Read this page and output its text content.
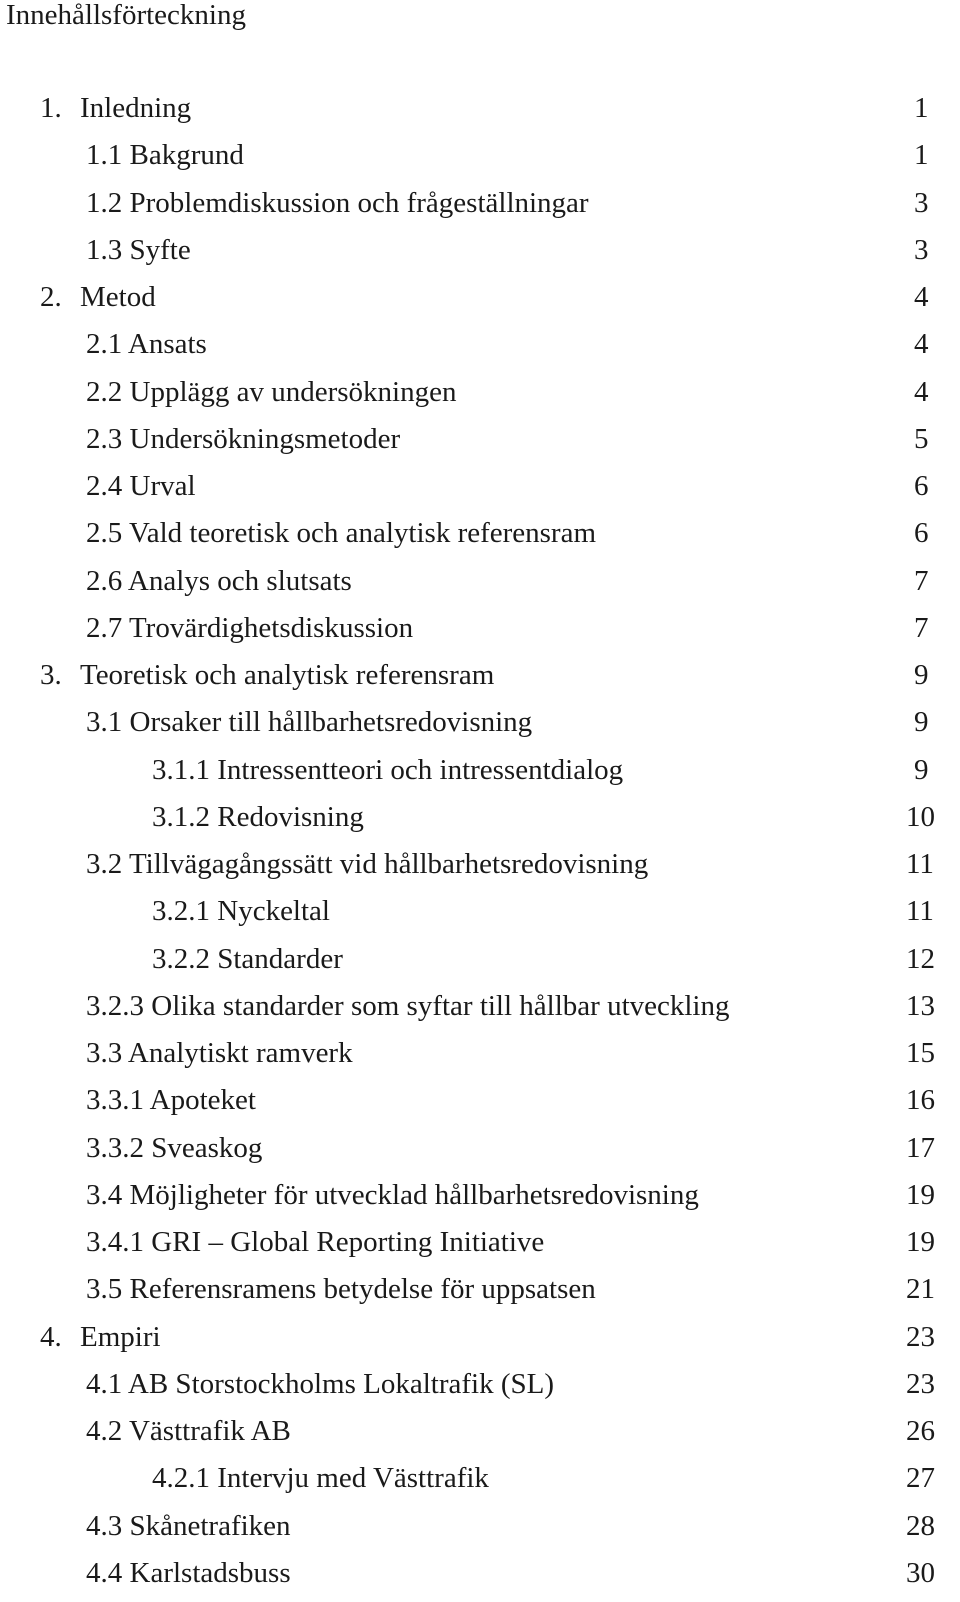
Innehållsförteckning
1. Inledning	1
1.1 Bakgrund	1
1.2 Problemdiskussion och frågeställningar	3
1.3 Syfte	3
2. Metod	4
2.1 Ansats	4
2.2 Upplägg av undersökningen	4
2.3 Undersökningsmetoder	5
2.4 Urval	6
2.5 Vald teoretisk och analytisk referensram	6
2.6 Analys och slutsats	7
2.7 Trovärdighetsdiskussion	7
3. Teoretisk och analytisk referensram	9
3.1 Orsaker till hållbarhetsredovisning	9
3.1.1 Intressentteori och intressentdialog	9
3.1.2 Redovisning	10
3.2 Tillvägagångssätt vid hållbarhetsredovisning	11
3.2.1 Nyckeltal	11
3.2.2 Standarder	12
3.2.3 Olika standarder som syftar till hållbar utveckling	13
3.3 Analytiskt ramverk	15
3.3.1 Apoteket	16
3.3.2 Sveaskog	17
3.4 Möjligheter för utvecklad hållbarhetsredovisning	19
3.4.1 GRI – Global Reporting Initiative	19
3.5 Referensramens betydelse för uppsatsen	21
4. Empiri	23
4.1 AB Storstockholms Lokaltrafik (SL)	23
4.2 Västtrafik AB	26
4.2.1 Intervju med Västtrafik	27
4.3 Skånetrafiken	28
4.4 Karlstadsbuss	30
